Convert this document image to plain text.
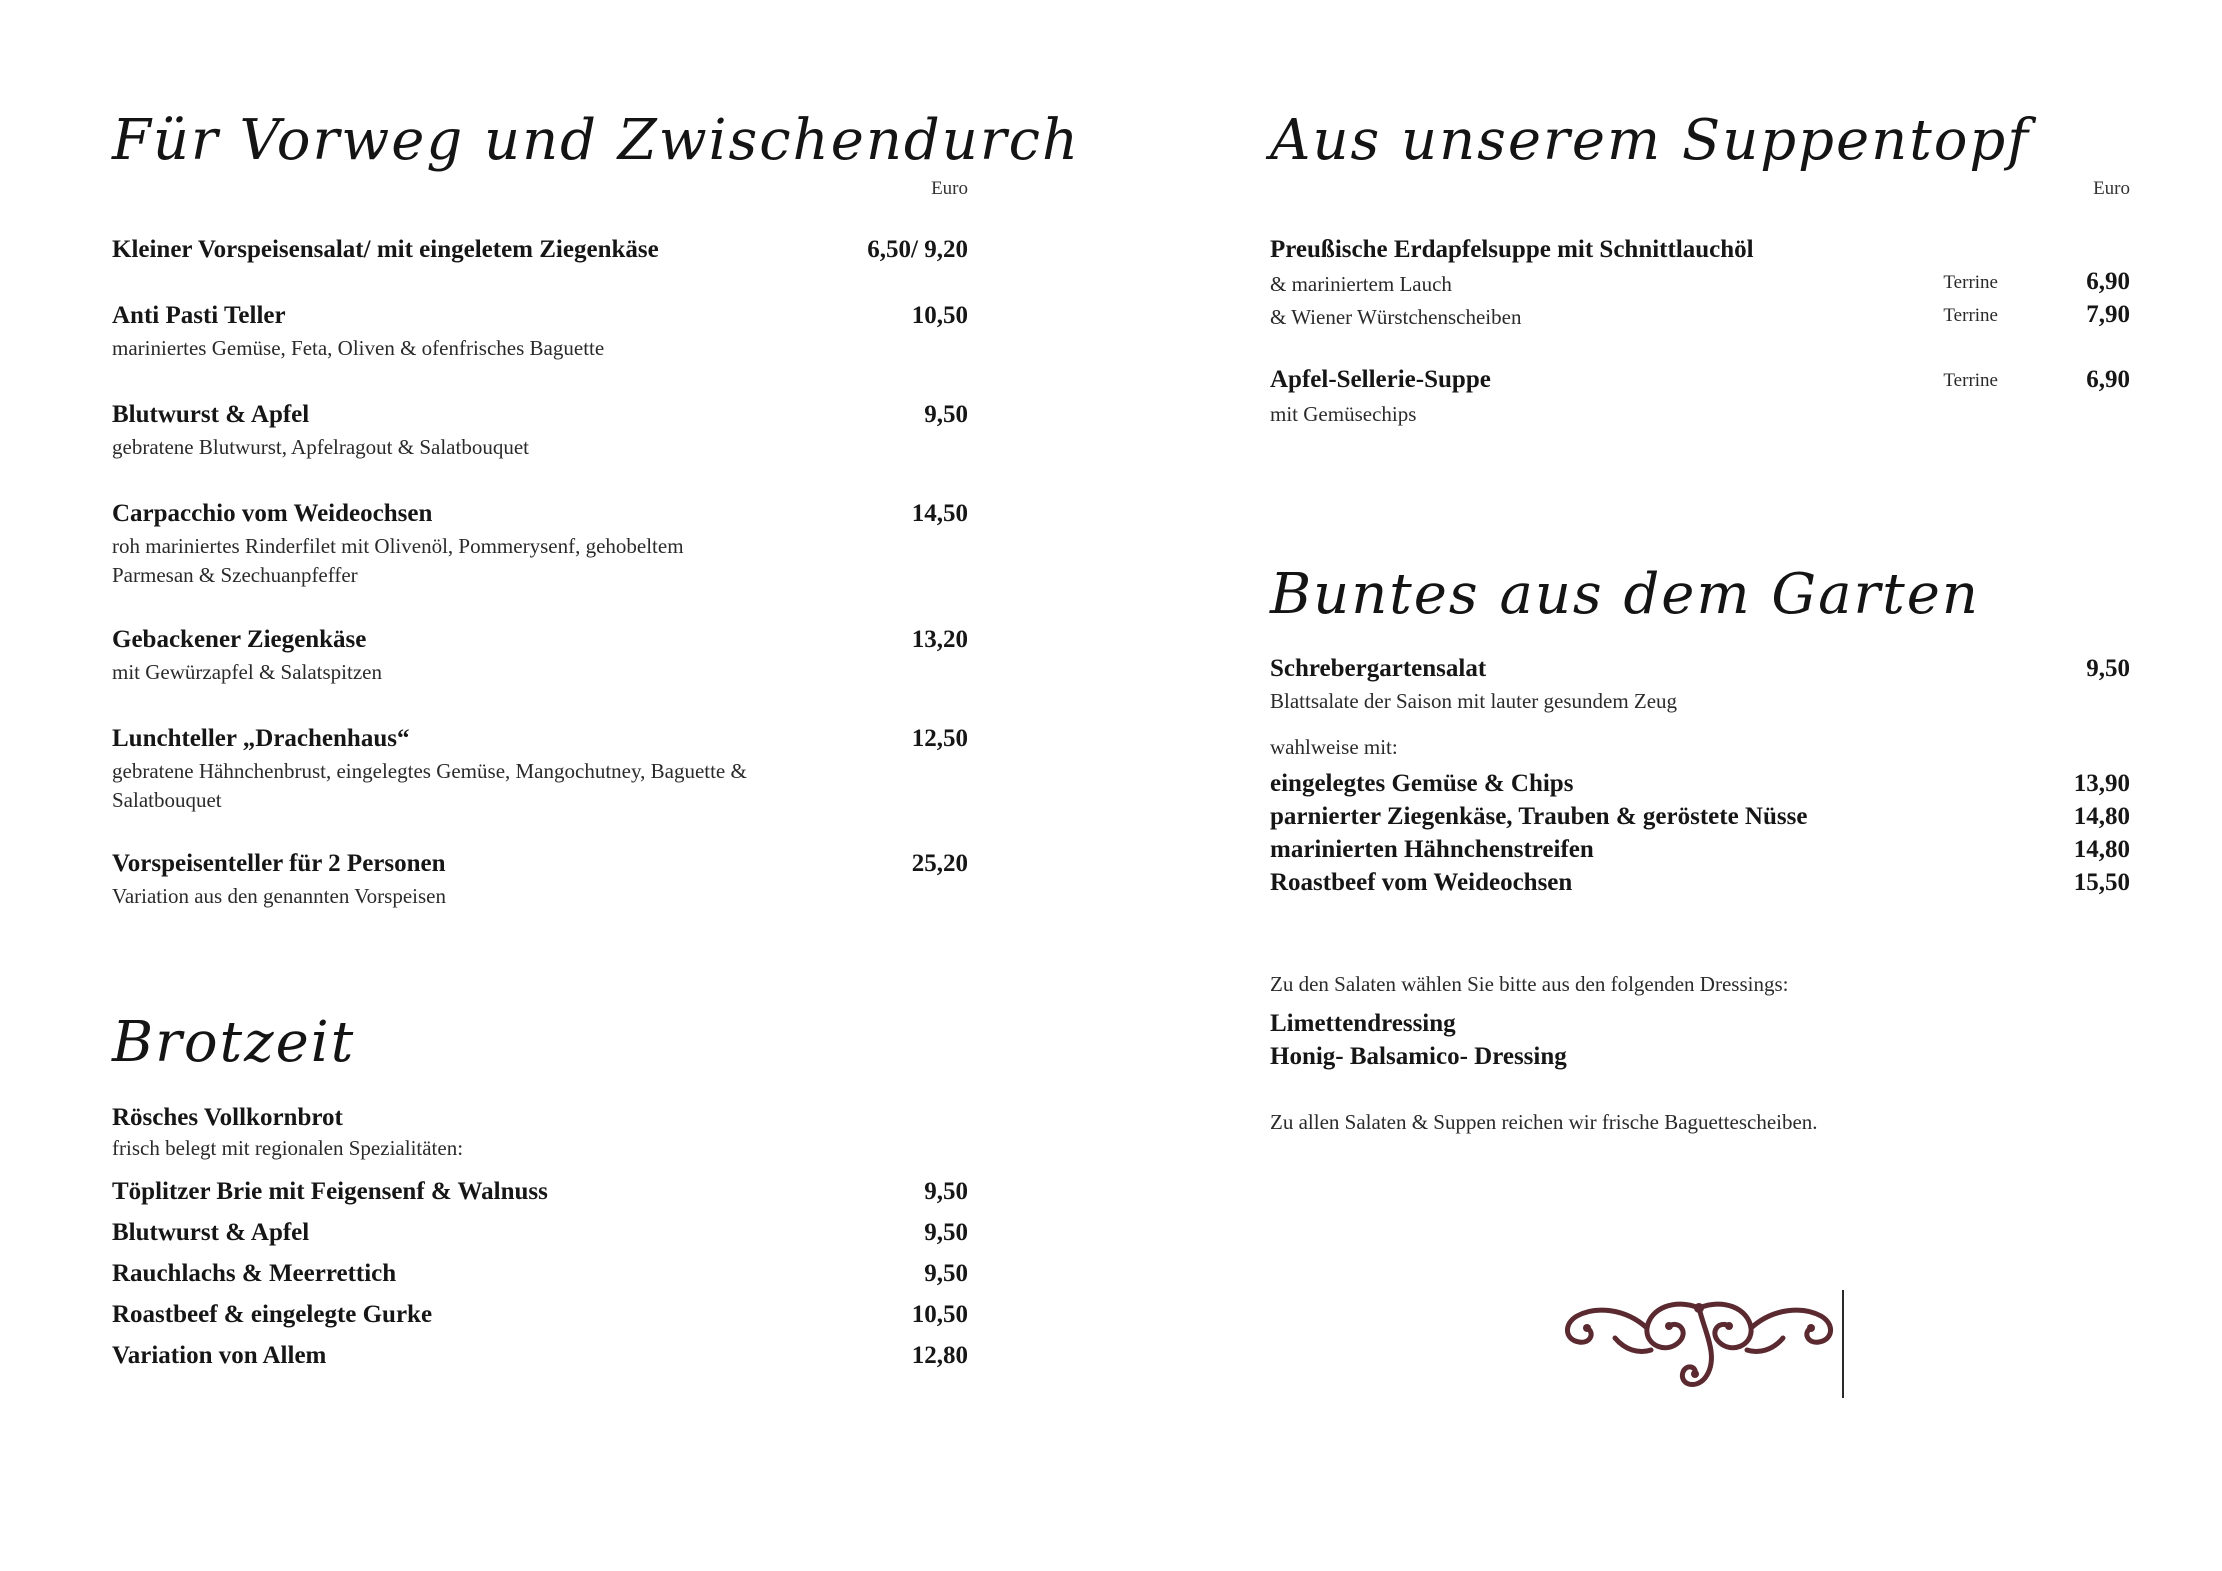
Für Vorweg und Zwischendurch
Euro
Kleiner Vorspeisensalat/ mit eingeletem Ziegenkäse	6,50/ 9,20
Anti Pasti Teller	10,50
mariniertes Gemüse, Feta, Oliven & ofenfrisches Baguette
Blutwurst & Apfel	9,50
gebratene Blutwurst, Apfelragout & Salatbouquet
Carpacchio vom Weideochsen	14,50
roh mariniertes Rinderfilet mit Olivenöl, Pommerysenf, gehobeltem Parmesan & Szechuanpfeffer
Gebackener Ziegenkäse	13,20
mit Gewürzapfel & Salatspitzen
Lunchteller „Drachenhaus“	12,50
gebratene Hähnchenbrust, eingelegtes Gemüse, Mangochutney, Baguette & Salatbouquet
Vorspeisenteller für 2 Personen	25,20
Variation aus den genannten Vorspeisen
Brotzeit
Rösches Vollkornbrot
frisch belegt mit regionalen Spezialitäten:
Töplitzer Brie mit Feigensenf & Walnuss	9,50
Blutwurst & Apfel	9,50
Rauchlachs & Meerrettich	9,50
Roastbeef & eingelegte Gurke	10,50
Variation von Allem	12,80
Aus unserem Suppentopf
Euro
Preußische Erdapfelsuppe mit Schnittlauchöl
& mariniertem Lauch	Terrine	6,90
& Wiener Würstchenscheiben	Terrine	7,90
Apfel-Sellerie-Suppe	Terrine	6,90
mit Gemüsechips
Buntes aus dem Garten
Schrebergartensalat	9,50
Blattsalate der Saison mit lauter gesundem Zeug
wahlweise mit:
eingelegtes Gemüse & Chips	13,90
parnierter Ziegenkäse, Trauben & geröstete Nüsse	14,80
marinierten Hähnchenstreifen	14,80
Roastbeef vom Weideochsen	15,50
Zu den Salaten wählen Sie bitte aus den folgenden Dressings:
Limettendressing
Honig- Balsamico- Dressing
Zu allen Salaten & Suppen reichen wir frische Baguettescheiben.
